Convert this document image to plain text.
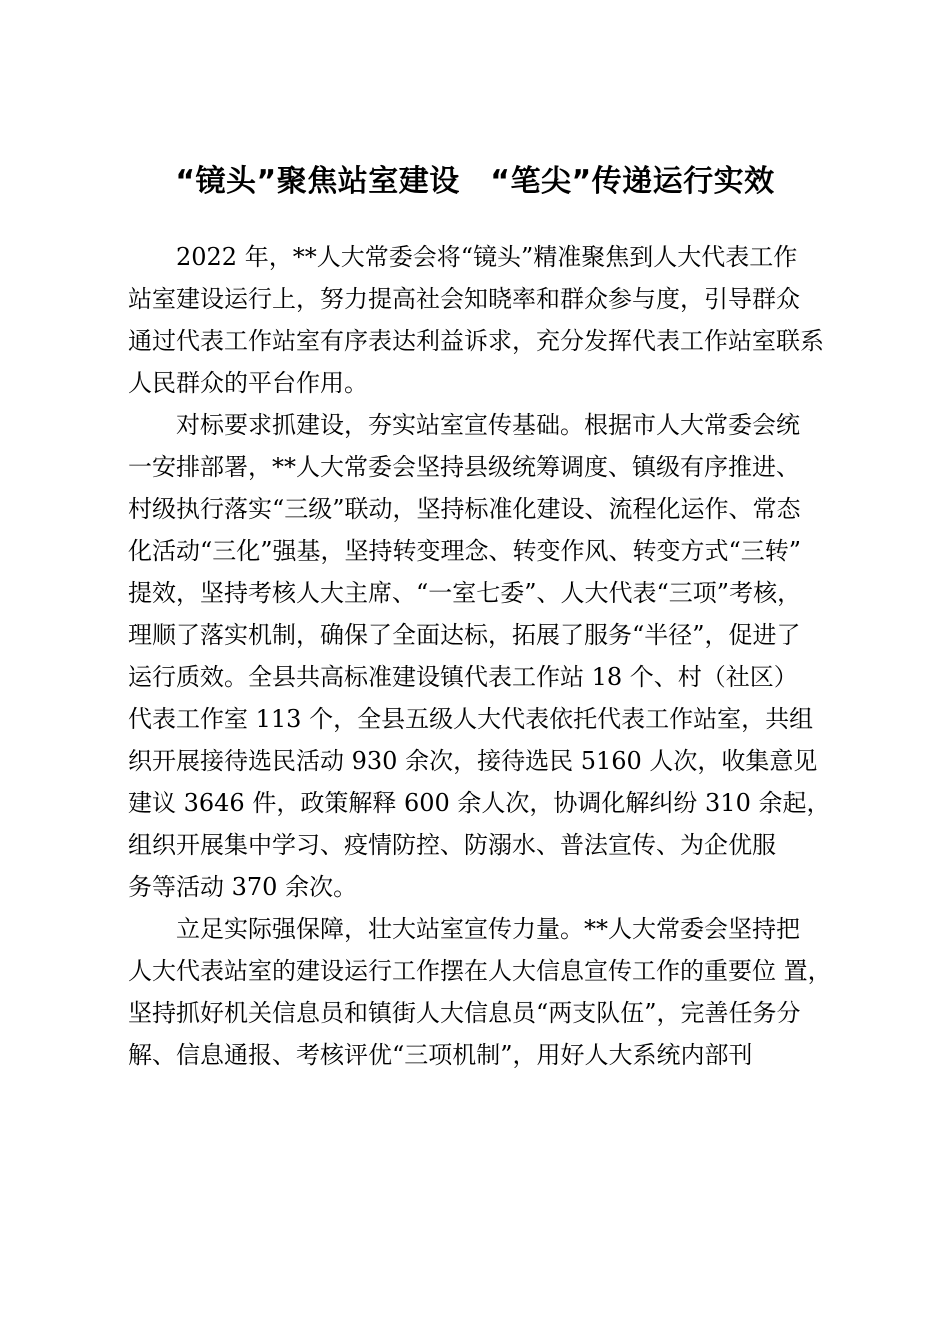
“镜头”聚焦站室建设　“笔尖”传递运行实效
2022 年，**人大常委会将“镜头”精准聚焦到人大代表工作
站室建设运行上，努力提高社会知晓率和群众参与度，引导群众
通过代表工作站室有序表达利益诉求，充分发挥代表工作站室联系
人民群众的平台作用。
对标要求抓建设，夯实站室宣传基础。根据市人大常委会统
一安排部署，**人大常委会坚持县级统筹调度、镇级有序推进、
村级执行落实“三级”联动，坚持标准化建设、流程化运作、常态
化活动“三化”强基，坚持转变理念、转变作风、转变方式“三转”
提效，坚持考核人大主席、“一室七委”、人大代表“三项”考核，
理顺了落实机制，确保了全面达标，拓展了服务“半径”，促进了
运行质效。全县共高标准建设镇代表工作站 18 个、村（社区）
代表工作室 113 个，全县五级人大代表依托代表工作站室，共组
织开展接待选民活动 930 余次，接待选民 5160 人次，收集意见
建议 3646 件，政策解释 600 余人次，协调化解纠纷 310 余起，
组织开展集中学习、疫情防控、防溺水、普法宣传、为企优服
务等活动 370 余次。
立足实际强保障，壮大站室宣传力量。**人大常委会坚持把
人大代表站室的建设运行工作摆在人大信息宣传工作的重要位 置，
坚持抓好机关信息员和镇街人大信息员“两支队伍”，完善任务分
解、信息通报、考核评优“三项机制”，用好人大系统内部刊
